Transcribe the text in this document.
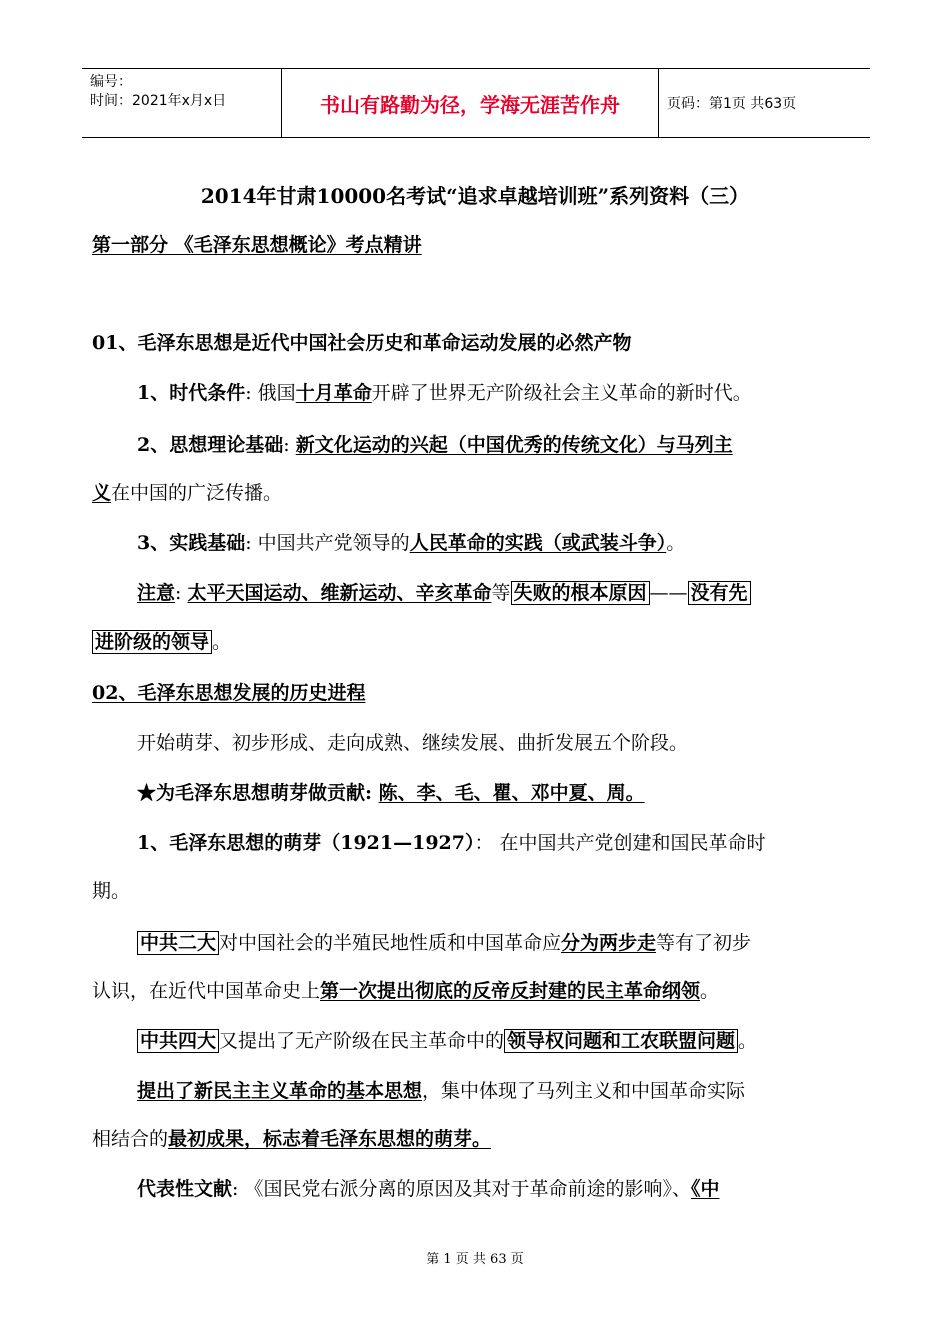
编号：
时间：2021年x月x日	书山有路勤为径，学海无涯苦作舟	页码：第1页 共63页
2014年甘肃10000名考试“追求卓越培训班”系列资料（三）
第一部分 《毛泽东思想概论》考点精讲
01、毛泽东思想是近代中国社会历史和革命运动发展的必然产物
1、时代条件: 俄国十月革命开辟了世界无产阶级社会主义革命的新时代。
2、思想理论基础: 新文化运动的兴起（中国优秀的传统文化）与马列主
义在中国的广泛传播。
3、实践基础: 中国共产党领导的人民革命的实践（或武装斗争）。
注意: 太平天国运动、维新运动、辛亥革命等 失败的根本原因 —— 没有先
进阶级的领导 。
02、毛泽东思想发展的历史进程
开始萌芽、初步形成、走向成熟、继续发展、曲折发展五个阶段。
★为毛泽东思想萌芽做贡献: 陈、李、毛、瞿、邓中夏、周。
1、毛泽东思想的萌芽（1921—1927）： 在中国共产党创建和国民革命时
期。
中共二大 对中国社会的半殖民地性质和中国革命应分为两步走等有了初步
认识，在近代中国革命史上第一次提出彻底的反帝反封建的民主革命纲领。
中共四大 又提出了无产阶级在民主革命中的 领导权问题和工农联盟问题 。
提出了新民主主义革命的基本思想，集中体现了马列主义和中国革命实际
相结合的最初成果，标志着毛泽东思想的萌芽。
代表性文献: 《国民党右派分离的原因及其对于革命前途的影响》、《中
第 1 页 共 63 页
